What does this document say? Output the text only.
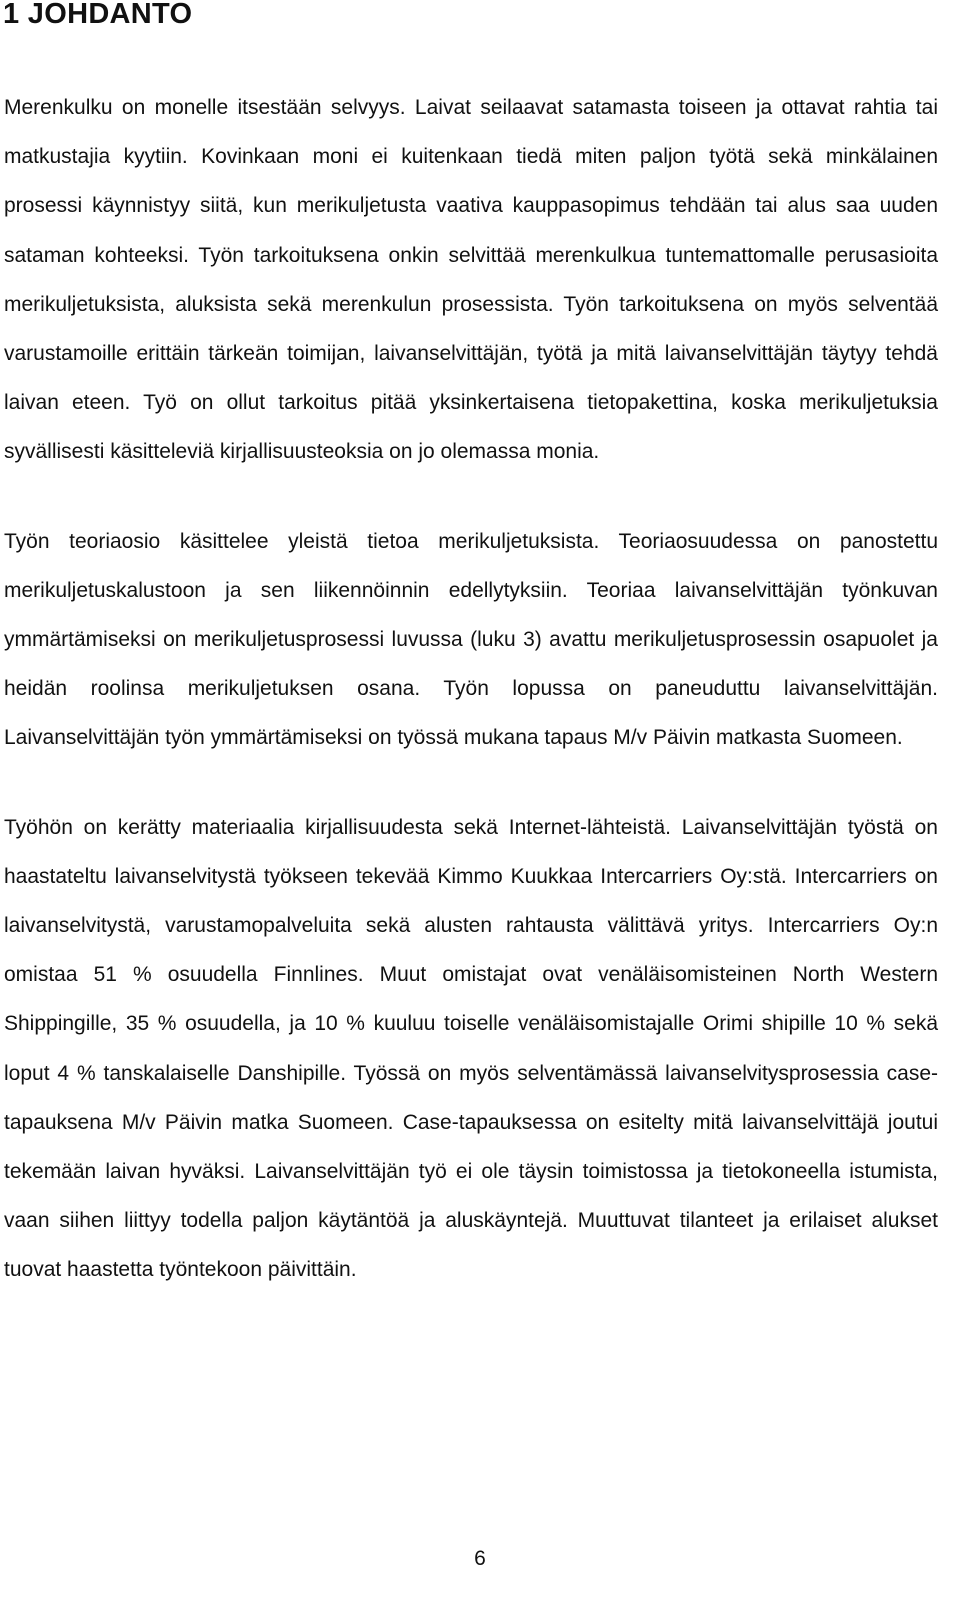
1 JOHDANTO

Merenkulku on monelle itsestään selvyys. Laivat seilaavat satamasta toiseen ja ottavat rahtia tai matkustajia kyytiin. Kovinkaan moni ei kuitenkaan tiedä miten paljon työtä sekä minkälainen prosessi käynnistyy siitä, kun merikuljetusta vaativa kauppasopimus tehdään tai alus saa uuden sataman kohteeksi. Työn tarkoituksena onkin selvittää merenkulkua tuntemattomalle perusasioita merikuljetuksista, aluksista sekä merenkulun prosessista. Työn tarkoituksena on myös selventää varustamoille erittäin tärkeän toimijan, laivanselvittäjän, työtä ja mitä laivanselvittäjän täytyy tehdä laivan eteen. Työ on ollut tarkoitus pitää yksinkertaisena tietopakettina, koska merikuljetuksia syvällisesti käsitteleviä kirjallisuusteoksia on jo olemassa monia.

Työn teoriaosio käsittelee yleistä tietoa merikuljetuksista. Teoriaosuudessa on panostettu merikuljetuskalustoon ja sen liikennöinnin edellytyksiin. Teoriaa laivanselvittäjän työnkuvan ymmärtämiseksi on merikuljetusprosessi luvussa (luku 3) avattu merikuljetusprosessin osapuolet ja heidän roolinsa merikuljetuksen osana. Työn lopussa on paneuduttu laivanselvittäjän. Laivanselvittäjän työn ymmärtämiseksi on työssä mukana tapaus M/v Päivin matkasta Suomeen.

Työhön on kerätty materiaalia kirjallisuudesta sekä Internet-lähteistä. Laivanselvittäjän työstä on haastateltu laivanselvitystä työkseen tekevää Kimmo Kuukkaa Intercarriers Oy:stä. Intercarriers on laivanselvitystä, varustamopalveluita sekä alusten rahtausta välittävä yritys. Intercarriers Oy:n omistaa 51 % osuudella Finnlines. Muut omistajat ovat venäläisomisteinen North Western Shippingille, 35 % osuudella, ja 10 % kuuluu toiselle venäläisomistajalle Orimi shipille 10 % sekä loput 4 % tanskalaiselle Danshipille. Työssä on myös selventämässä laivanselvitysprosessia case-tapauksena M/v Päivin matka Suomeen. Case-tapauksessa on esitelty mitä laivanselvittäjä joutui tekemään laivan hyväksi. Laivanselvittäjän työ ei ole täysin toimistossa ja tietokoneella istumista, vaan siihen liittyy todella paljon käytäntöä ja aluskäyntejä. Muuttuvat tilanteet ja erilaiset alukset tuovat haastetta työntekoon päivittäin.

6
